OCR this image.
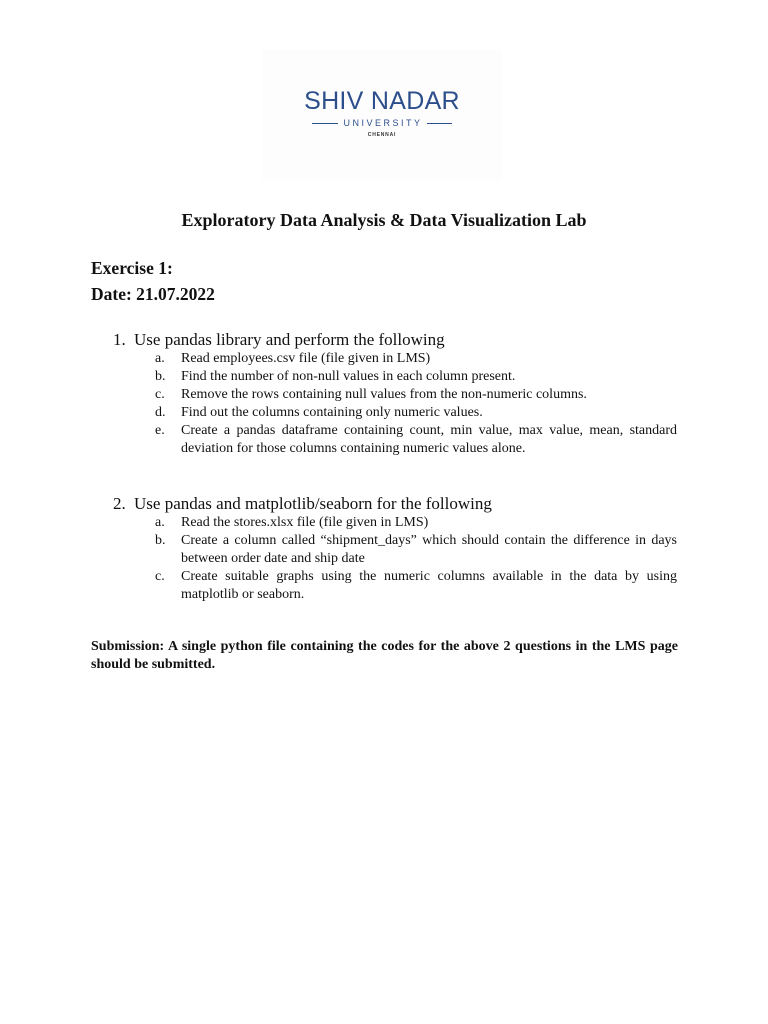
SHIV NADAR
UNIVERSITY
CHENNAI
Exploratory Data Analysis & Data Visualization Lab
Exercise 1:
Date: 21.07.2022
1. Use pandas library and perform the following
a. Read employees.csv file (file given in LMS)
b. Find the number of non-null values in each column present.
c. Remove the rows containing null values from the non-numeric columns.
d. Find out the columns containing only numeric values.
e. Create a pandas dataframe containing count, min value, max value, mean, standard deviation for those columns containing numeric values alone.
2. Use pandas and matplotlib/seaborn for the following
a. Read the stores.xlsx file (file given in LMS)
b. Create a column called “shipment_days” which should contain the difference in days between order date and ship date
c. Create suitable graphs using the numeric columns available in the data by using matplotlib or seaborn.
Submission: A single python file containing the codes for the above 2 questions in the LMS page should be submitted.
